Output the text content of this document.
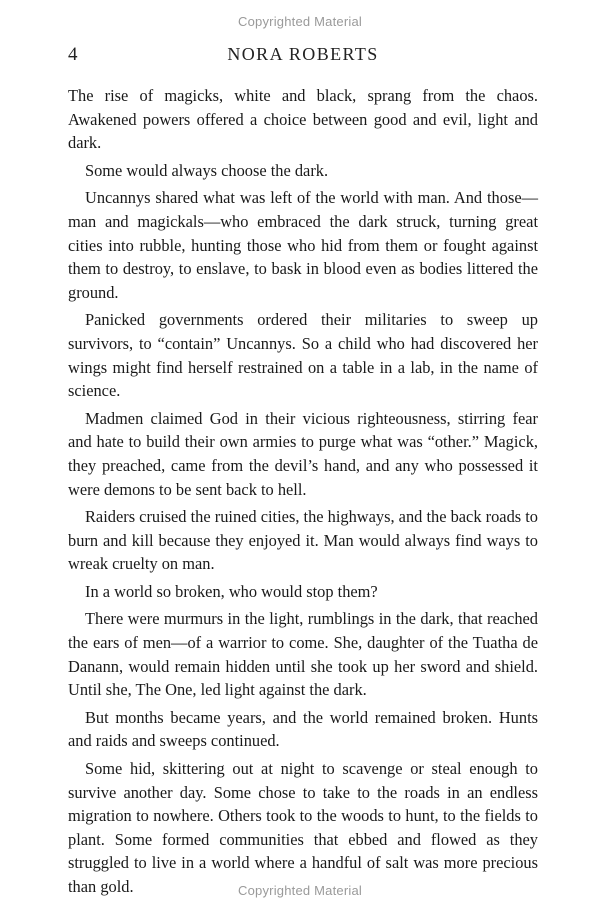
Copyrighted Material
4	NORA ROBERTS

The rise of magicks, white and black, sprang from the chaos. Awakened powers offered a choice between good and evil, light and dark.

Some would always choose the dark.

Uncannys shared what was left of the world with man. And those—man and magickals—who embraced the dark struck, turning great cities into rubble, hunting those who hid from them or fought against them to destroy, to enslave, to bask in blood even as bodies littered the ground.

Panicked governments ordered their militaries to sweep up survivors, to “contain” Uncannys. So a child who had discovered her wings might find herself restrained on a table in a lab, in the name of science.

Madmen claimed God in their vicious righteousness, stirring fear and hate to build their own armies to purge what was “other.” Magick, they preached, came from the devil’s hand, and any who possessed it were demons to be sent back to hell.

Raiders cruised the ruined cities, the highways, and the back roads to burn and kill because they enjoyed it. Man would always find ways to wreak cruelty on man.

In a world so broken, who would stop them?

There were murmurs in the light, rumblings in the dark, that reached the ears of men—of a warrior to come. She, daughter of the Tuatha de Danann, would remain hidden until she took up her sword and shield. Until she, The One, led light against the dark.

But months became years, and the world remained broken. Hunts and raids and sweeps continued.

Some hid, skittering out at night to scavenge or steal enough to survive another day. Some chose to take to the roads in an endless migration to nowhere. Others took to the woods to hunt, to the fields to plant. Some formed communities that ebbed and flowed as they struggled to live in a world where a handful of salt was more precious than gold.	Copyrighted Material
